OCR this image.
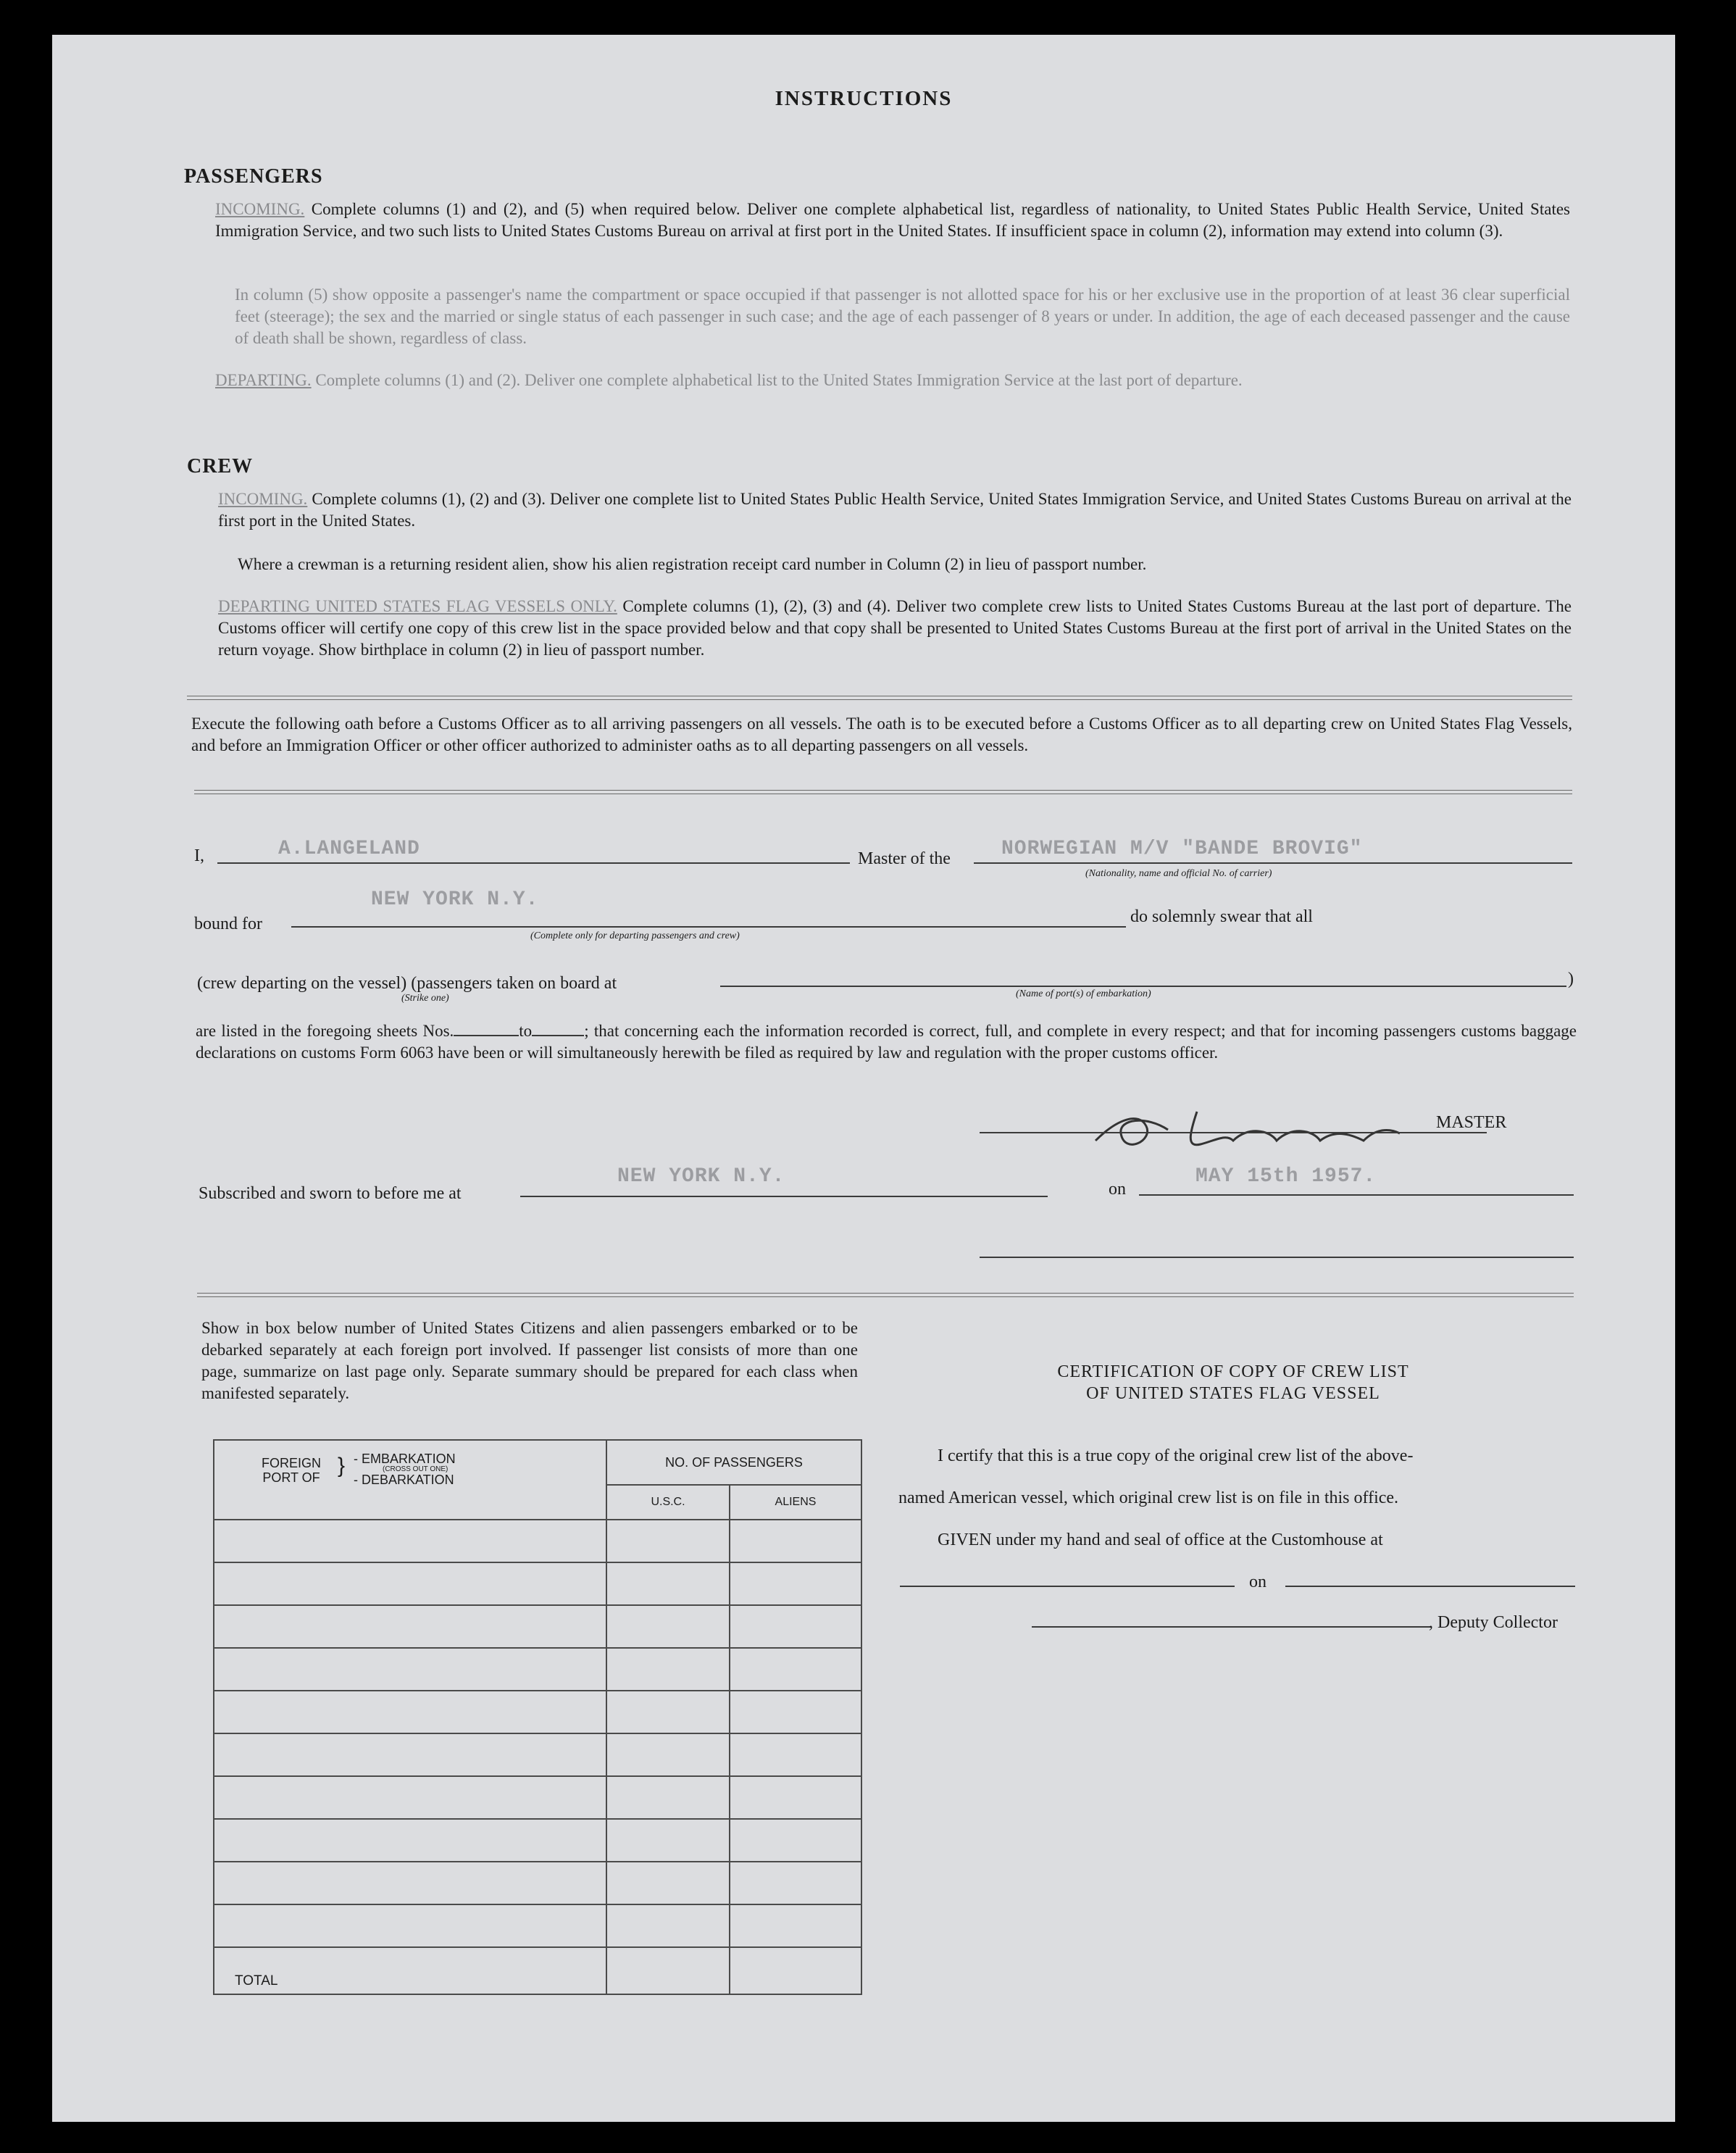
INSTRUCTIONS
PASSENGERS

INCOMING. Complete columns (1) and (2), and (5) when required below. Deliver one complete alphabetical list, regardless of nationality, to United States Public Health Service, United States Immigration Service, and two such lists to United States Customs Bureau on arrival at first port in the United States. If insufficient space in column (2), information may extend into column (3).

In column (5) show opposite a passenger's name the compartment or space occupied if that passenger is not allotted space for his or her exclusive use in the proportion of at least 36 clear superficial feet (steerage); the sex and the married or single status of each passenger in such case; and the age of each passenger of 8 years or under. In addition, the age of each deceased passenger and the cause of death shall be shown, regardless of class.

DEPARTING. Complete columns (1) and (2). Deliver one complete alphabetical list to the United States Immigration Service at the last port of departure.

CREW

INCOMING. Complete columns (1), (2) and (3). Deliver one complete list to United States Public Health Service, United States Immigration Service, and United States Customs Bureau on arrival at the first port in the United States.

Where a crewman is a returning resident alien, show his alien registration receipt card number in Column (2) in lieu of passport number.

DEPARTING UNITED STATES FLAG VESSELS ONLY. Complete columns (1), (2), (3) and (4). Deliver two complete crew lists to United States Customs Bureau at the last port of departure. The Customs officer will certify one copy of this crew list in the space provided below and that copy shall be presented to United States Customs Bureau at the first port of arrival in the United States on the return voyage. Show birthplace in column (2) in lieu of passport number.

Execute the following oath before a Customs Officer as to all arriving passengers on all vessels. The oath is to be executed before a Customs Officer as to all departing crew on United States Flag Vessels, and before an Immigration Officer or other officer authorized to administer oaths as to all departing passengers on all vessels.

I,	A.LANGELAND	Master of the	NORWEGIAN M/V "BANDE BROVIG"
(Nationality, name and official No. of carrier)
bound for
NEW YORK N.Y.
(Complete only for departing passengers and crew)
do solemnly swear that all
(crew departing on the vessel) (passengers taken on board at	)
(Strike one)	(Name of port(s) of embarkation)
are listed in the foregoing sheets Nos.	to	; that concerning each the information recorded is correct, full, and complete in every respect; and that for incoming passengers customs baggage declarations on customs Form 6063 have been or will simultaneously herewith be filed as required by law and regulation with the proper customs officer.
MASTER
Subscribed and sworn to before me at
NEW YORK N.Y.
on
MAY 15th 1957.

Show in box below number of United States Citizens and alien passengers embarked or to be debarked separately at each foreign port involved. If passenger list consists of more than one page, summarize on last page only. Separate summary should be prepared for each class when manifested separately.

FOREIGN PORT OF } - EMBARKATION
(CROSS OUT ONE)
- DEBARKATION	NO. OF PASSENGERS	
	U.S.C.	ALIENS

TOTAL		
CERTIFICATION OF COPY OF CREW LIST
OF UNITED STATES FLAG VESSEL
I certify that this is a true copy of the original crew list of the above-
named American vessel, which original crew list is on file in this office.
GIVEN under my hand and seal of office at the Customhouse at
on
, Deputy Collector
